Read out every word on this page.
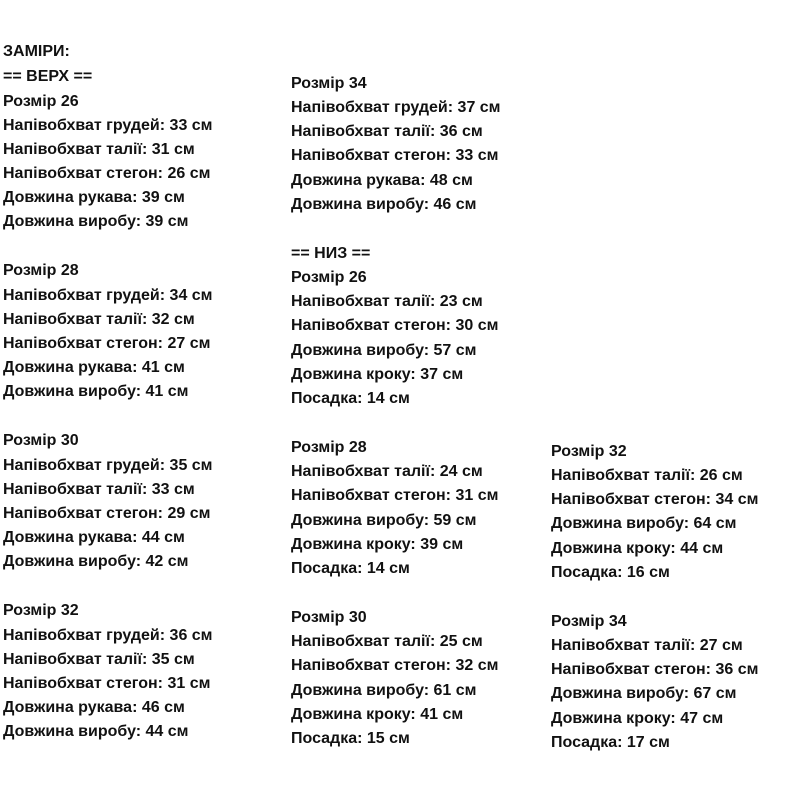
ЗАМІРИ:
== ВЕРХ ==
Розмір 26
Напівобхват грудей: 33 см
Напівобхват талії: 31 см
Напівобхват стегон: 26 см
Довжина рукава: 39 см
Довжина виробу: 39 см
Розмір 28
Напівобхват грудей: 34 см
Напівобхват талії: 32 см
Напівобхват стегон: 27 см
Довжина рукава: 41 см
Довжина виробу: 41 см
Розмір 30
Напівобхват грудей: 35 см
Напівобхват талії: 33 см
Напівобхват стегон: 29 см
Довжина рукава: 44 см
Довжина виробу: 42 см
Розмір 32
Напівобхват грудей: 36 см
Напівобхват талії: 35 см
Напівобхват стегон: 31 см
Довжина рукава: 46 см
Довжина виробу: 44 см
Розмір 34
Напівобхват грудей: 37 см
Напівобхват талії: 36 см
Напівобхват стегон: 33 см
Довжина рукава: 48 см
Довжина виробу: 46 см
== НИЗ ==
Розмір 26
Напівобхват талії: 23 см
Напівобхват стегон: 30 см
Довжина виробу: 57 см
Довжина кроку: 37 см
Посадка: 14 см
Розмір 28
Напівобхват талії: 24 см
Напівобхват стегон: 31 см
Довжина виробу: 59 см
Довжина кроку: 39 см
Посадка: 14 см
Розмір 30
Напівобхват талії: 25 см
Напівобхват стегон: 32 см
Довжина виробу: 61 см
Довжина кроку: 41 см
Посадка: 15 см
Розмір 32
Напівобхват талії: 26 см
Напівобхват стегон: 34 см
Довжина виробу: 64 см
Довжина кроку: 44 см
Посадка: 16 см
Розмір 34
Напівобхват талії: 27 см
Напівобхват стегон: 36 см
Довжина виробу: 67 см
Довжина кроку: 47 см
Посадка: 17 см
